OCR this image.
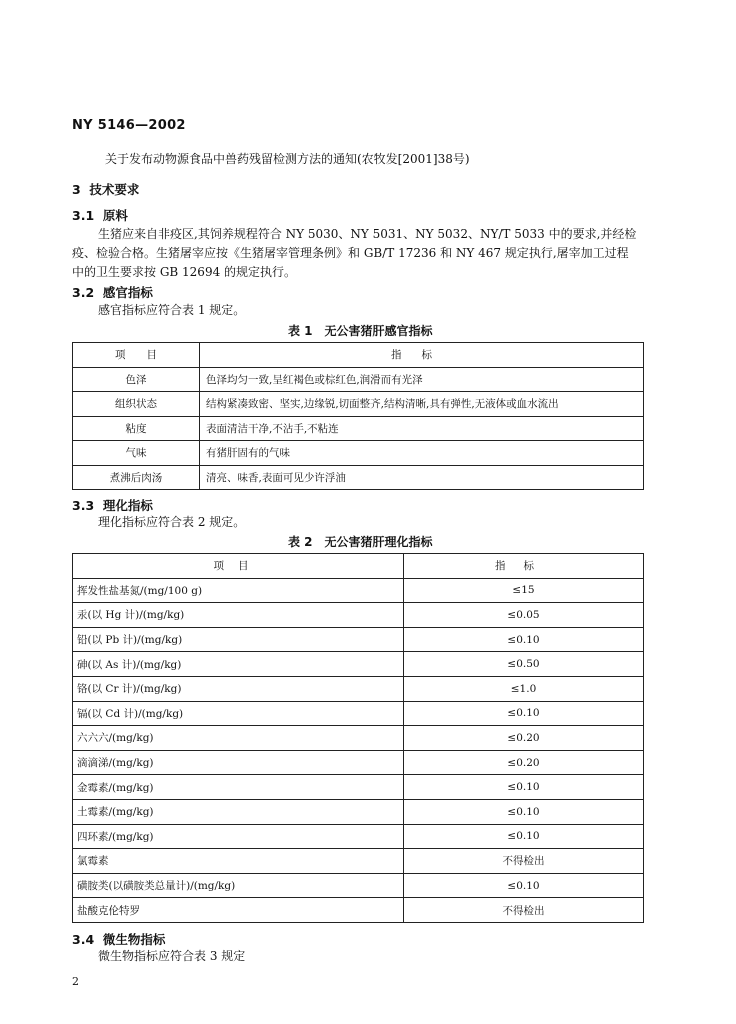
NY 5146—2002
关于发布动物源食品中兽药残留检测方法的通知(农牧发[2001]38号)
3 技术要求
3.1 原料
生猪应来自非疫区,其饲养规程符合 NY 5030、NY 5031、NY 5032、NY/T 5033 中的要求,并经检
疫、检验合格。生猪屠宰应按《生猪屠宰管理条例》和 GB/T 17236 和 NY 467 规定执行,屠宰加工过程
中的卫生要求按 GB 12694 的规定执行。
3.2 感官指标
感官指标应符合表 1 规定。
表 1　无公害猪肝感官指标
项　　目	指标
色泽	色泽均匀一致,呈红褐色或棕红色,润滑而有光泽
组织状态	结构紧凑致密、坚实,边缘锐,切面整齐,结构清晰,具有弹性,无液体或血水流出
粘度	表面清洁干净,不沾手,不粘连
气味	有猪肝固有的气味
煮沸后肉汤	清亮、味香,表面可见少许浮油
3.3 理化指标
理化指标应符合表 2 规定。
表 2　无公害猪肝理化指标
项目	指标
挥发性盐基氮/(mg/100 g)	≤15
汞(以 Hg 计)/(mg/kg)	≤0.05
铅(以 Pb 计)/(mg/kg)	≤0.10
砷(以 As 计)/(mg/kg)	≤0.50
铬(以 Cr 计)/(mg/kg)	≤1.0
镉(以 Cd 计)/(mg/kg)	≤0.10
六六六/(mg/kg)	≤0.20
滴滴涕/(mg/kg)	≤0.20
金霉素/(mg/kg)	≤0.10
土霉素/(mg/kg)	≤0.10
四环素/(mg/kg)	≤0.10
氯霉素	不得检出
磺胺类(以磺胺类总量计)/(mg/kg)	≤0.10
盐酸克伦特罗	不得检出
3.4 微生物指标
微生物指标应符合表 3 规定
2
